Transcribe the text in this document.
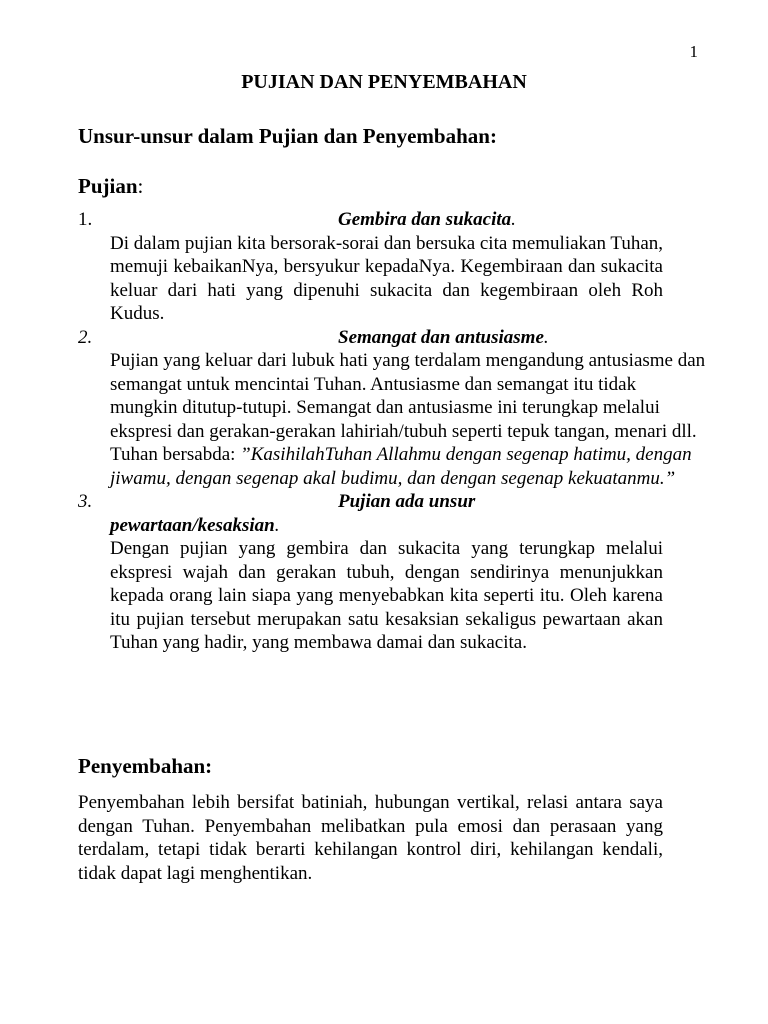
1
PUJIAN DAN PENYEMBAHAN
Unsur-unsur dalam Pujian dan Penyembahan:
Pujian:
1.	Gembira dan sukacita.
Di dalam pujian kita bersorak-sorai dan bersuka cita memuliakan Tuhan, memuji kebaikanNya, bersyukur kepadaNya. Kegembiraan dan sukacita keluar dari hati yang dipenuhi sukacita dan kegembiraan oleh Roh Kudus.
2.	Semangat dan antusiasme.
Pujian yang keluar dari lubuk hati yang terdalam mengandung antusiasme dan semangat untuk mencintai Tuhan. Antusiasme dan semangat itu tidak mungkin ditutup-tutupi. Semangat dan antusiasme ini terungkap melalui ekspresi dan gerakan-gerakan lahiriah/tubuh seperti tepuk tangan, menari dll. Tuhan bersabda: ”KasihilahTuhan Allahmu dengan segenap hatimu, dengan jiwamu, dengan segenap akal budimu, dan dengan segenap kekuatanmu.”
3.	Pujian ada unsur
pewartaan/kesaksian.
Dengan pujian yang gembira dan sukacita yang terungkap melalui ekspresi wajah dan gerakan tubuh, dengan sendirinya menunjukkan kepada orang lain siapa yang menyebabkan kita seperti itu. Oleh karena itu pujian tersebut merupakan satu kesaksian sekaligus pewartaan akan Tuhan yang hadir, yang membawa damai dan sukacita.
Penyembahan:
Penyembahan lebih bersifat batiniah, hubungan vertikal, relasi antara saya dengan Tuhan. Penyembahan melibatkan pula emosi dan perasaan yang terdalam, tetapi tidak berarti kehilangan kontrol diri, kehilangan kendali, tidak dapat lagi menghentikan.
